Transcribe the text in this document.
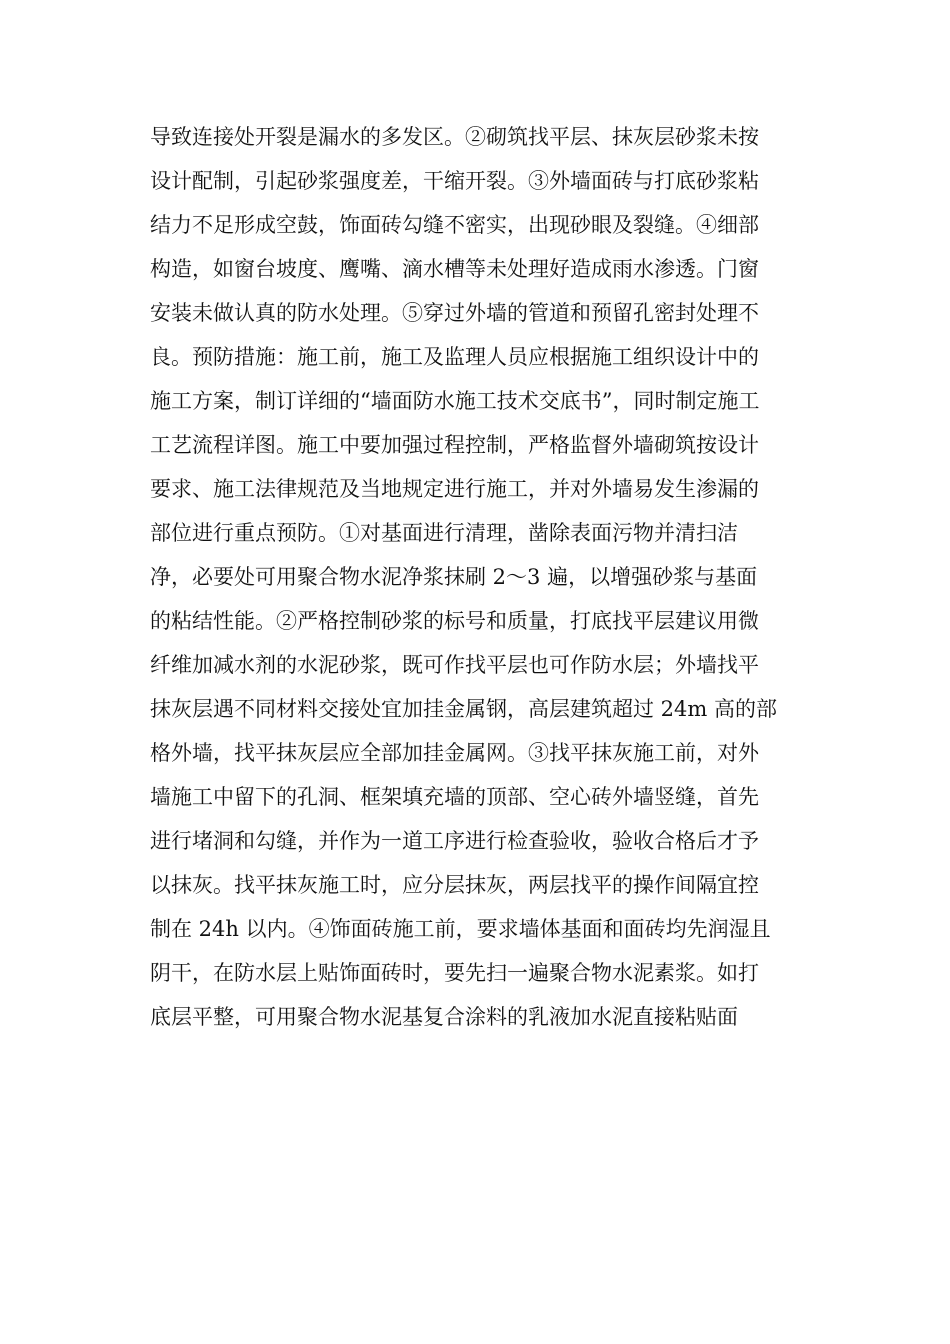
导致连接处开裂是漏水的多发区。②砌筑找平层、抹灰层砂浆未按
设计配制，引起砂浆强度差，干缩开裂。③外墙面砖与打底砂浆粘
结力不足形成空鼓，饰面砖勾缝不密实，出现砂眼及裂缝。④细部
构造，如窗台坡度、鹰嘴、滴水槽等未处理好造成雨水渗透。门窗
安装未做认真的防水处理。⑤穿过外墙的管道和预留孔密封处理不
良。预防措施：施工前，施工及监理人员应根据施工组织设计中的
施工方案，制订详细的“墙面防水施工技术交底书”，同时制定施工
工艺流程详图。施工中要加强过程控制，严格监督外墙砌筑按设计
要求、施工法律规范及当地规定进行施工，并对外墙易发生渗漏的
部位进行重点预防。①对基面进行清理，凿除表面污物并清扫洁
净，必要处可用聚合物水泥净浆抹刷 2～3 遍，以增强砂浆与基面
的粘结性能。②严格控制砂浆的标号和质量，打底找平层建议用微
纤维加减水剂的水泥砂浆，既可作找平层也可作防水层；外墙找平
抹灰层遇不同材料交接处宜加挂金属钢，高层建筑超过 24m 高的部
格外墙，找平抹灰层应全部加挂金属网。③找平抹灰施工前，对外
墙施工中留下的孔洞、框架填充墙的顶部、空心砖外墙竖缝，首先
进行堵洞和勾缝，并作为一道工序进行检查验收，验收合格后才予
以抹灰。找平抹灰施工时，应分层抹灰，两层找平的操作间隔宜控
制在 24h 以内。④饰面砖施工前，要求墙体基面和面砖均先润湿且
阴干，在防水层上贴饰面砖时，要先扫一遍聚合物水泥素浆。如打
底层平整，可用聚合物水泥基复合涂料的乳液加水泥直接粘贴面
